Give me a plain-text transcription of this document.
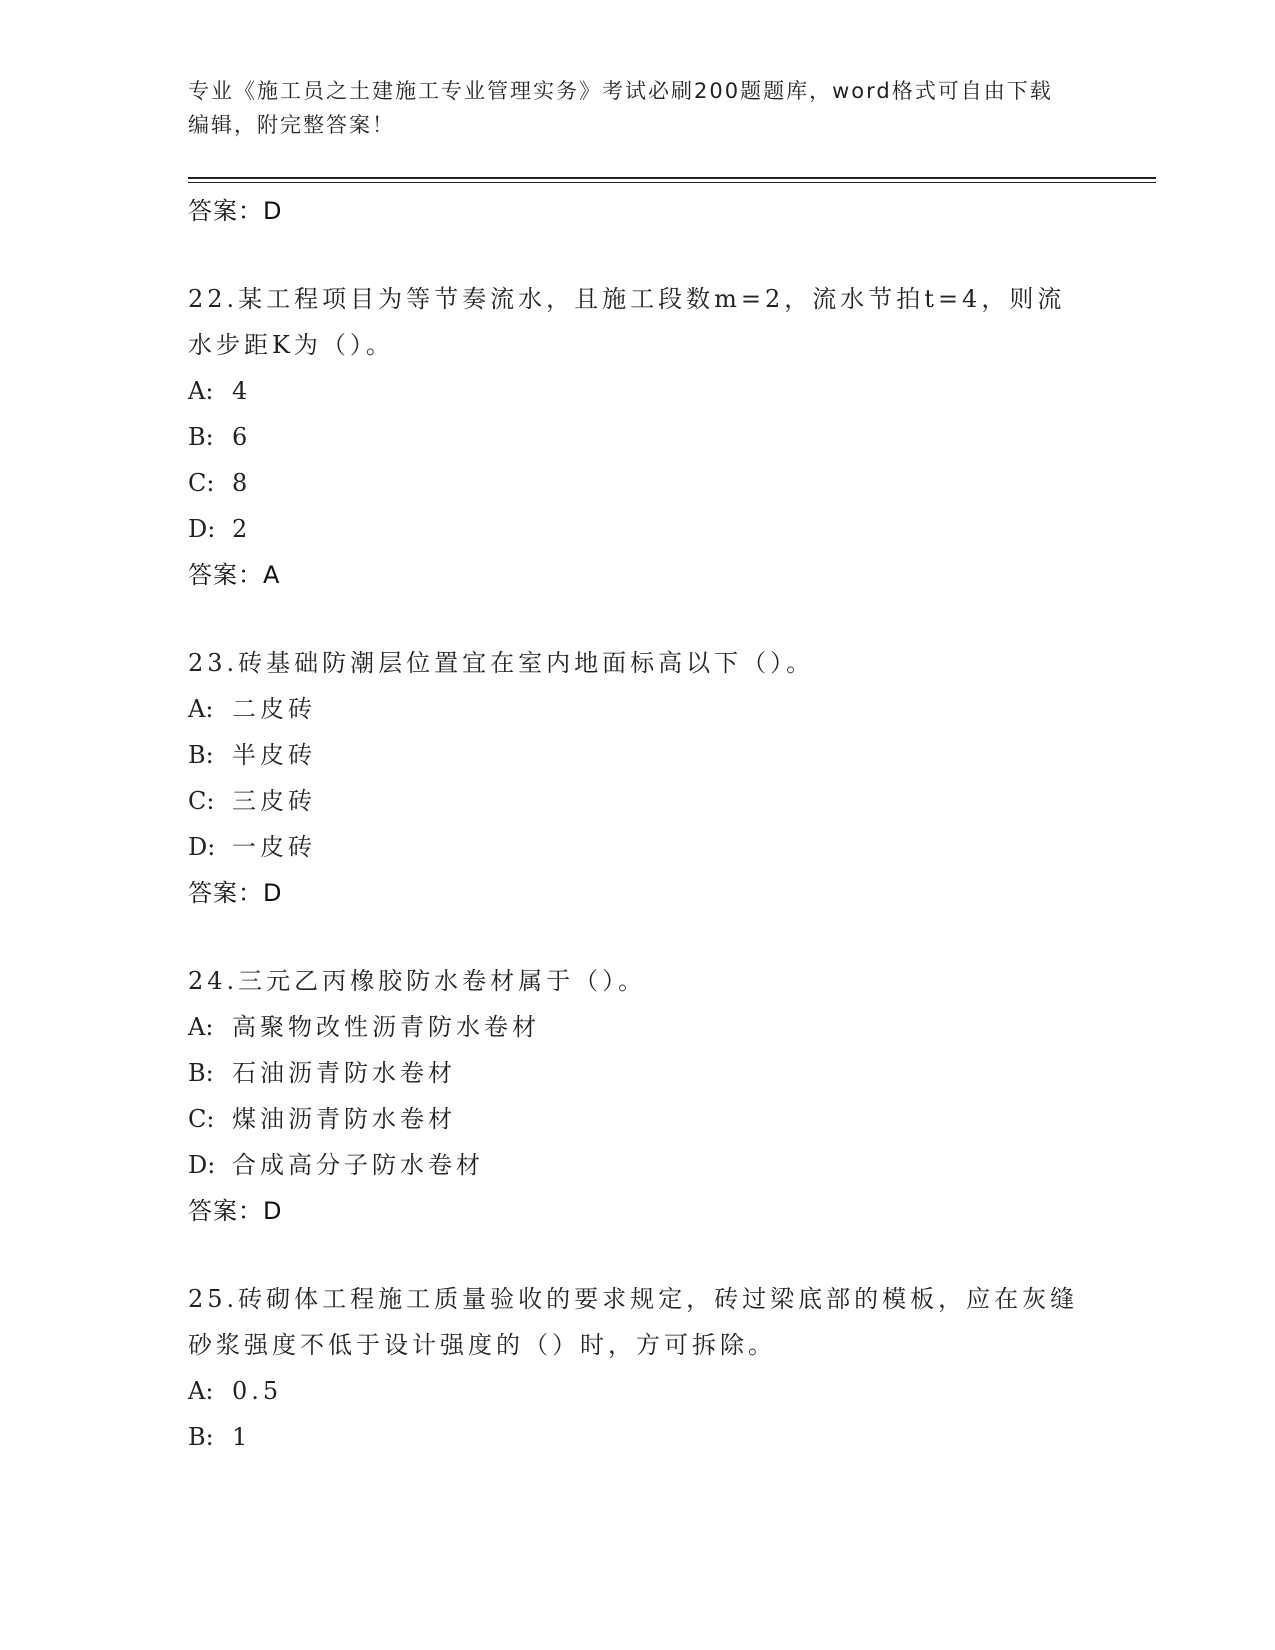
专业《施工员之土建施工专业管理实务》考试必刷200题题库，word格式可自由下载编辑，附完整答案！
答案：D
22.某工程项目为等节奏流水，且施工段数m=2，流水节拍t=4，则流水步距K为（）。
A: 4
B: 6
C: 8
D: 2
答案：A
23.砖基础防潮层位置宜在室内地面标高以下（）。
A: 二皮砖
B: 半皮砖
C: 三皮砖
D: 一皮砖
答案：D
24.三元乙丙橡胶防水卷材属于（）。
A: 高聚物改性沥青防水卷材
B: 石油沥青防水卷材
C: 煤油沥青防水卷材
D: 合成高分子防水卷材
答案：D
25.砖砌体工程施工质量验收的要求规定，砖过梁底部的模板，应在灰缝砂浆强度不低于设计强度的（）时，方可拆除。
A: 0.5
B: 1
